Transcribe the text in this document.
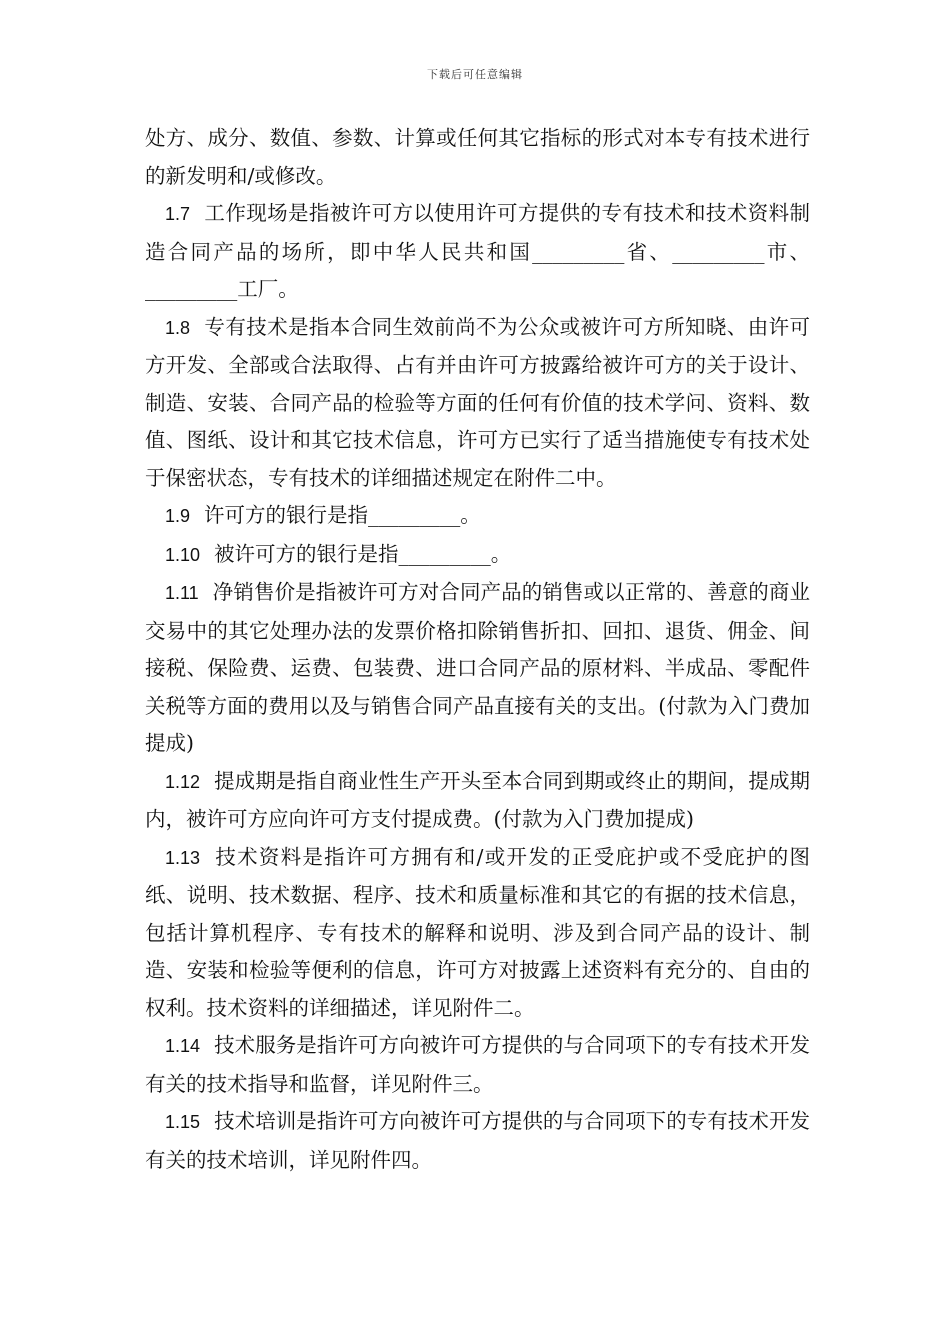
下载后可任意编辑

处方、成分、数值、参数、计算或任何其它指标的形式对本专有技术进行的新发明和/或修改。

1.7 工作现场是指被许可方以使用许可方提供的专有技术和技术资料制造合同产品的场所，即中华人民共和国_________省、_________市、_________工厂。

1.8 专有技术是指本合同生效前尚不为公众或被许可方所知晓、由许可方开发、全部或合法取得、占有并由许可方披露给被许可方的关于设计、制造、安装、合同产品的检验等方面的任何有价值的技术学问、资料、数值、图纸、设计和其它技术信息，许可方已实行了适当措施使专有技术处于保密状态，专有技术的详细描述规定在附件二中。

1.9 许可方的银行是指_________。

1.10 被许可方的银行是指_________。

1.11 净销售价是指被许可方对合同产品的销售或以正常的、善意的商业交易中的其它处理办法的发票价格扣除销售折扣、回扣、退货、佣金、间接税、保险费、运费、包装费、进口合同产品的原材料、半成品、零配件关税等方面的费用以及与销售合同产品直接有关的支出。(付款为入门费加提成)

1.12 提成期是指自商业性生产开头至本合同到期或终止的期间，提成期内，被许可方应向许可方支付提成费。(付款为入门费加提成)

1.13 技术资料是指许可方拥有和/或开发的正受庇护或不受庇护的图纸、说明、技术数据、程序、技术和质量标准和其它的有据的技术信息，包括计算机程序、专有技术的解释和说明、涉及到合同产品的设计、制造、安装和检验等便利的信息，许可方对披露上述资料有充分的、自由的权利。技术资料的详细描述，详见附件二。

1.14 技术服务是指许可方向被许可方提供的与合同项下的专有技术开发有关的技术指导和监督，详见附件三。

1.15 技术培训是指许可方向被许可方提供的与合同项下的专有技术开发有关的技术培训，详见附件四。
